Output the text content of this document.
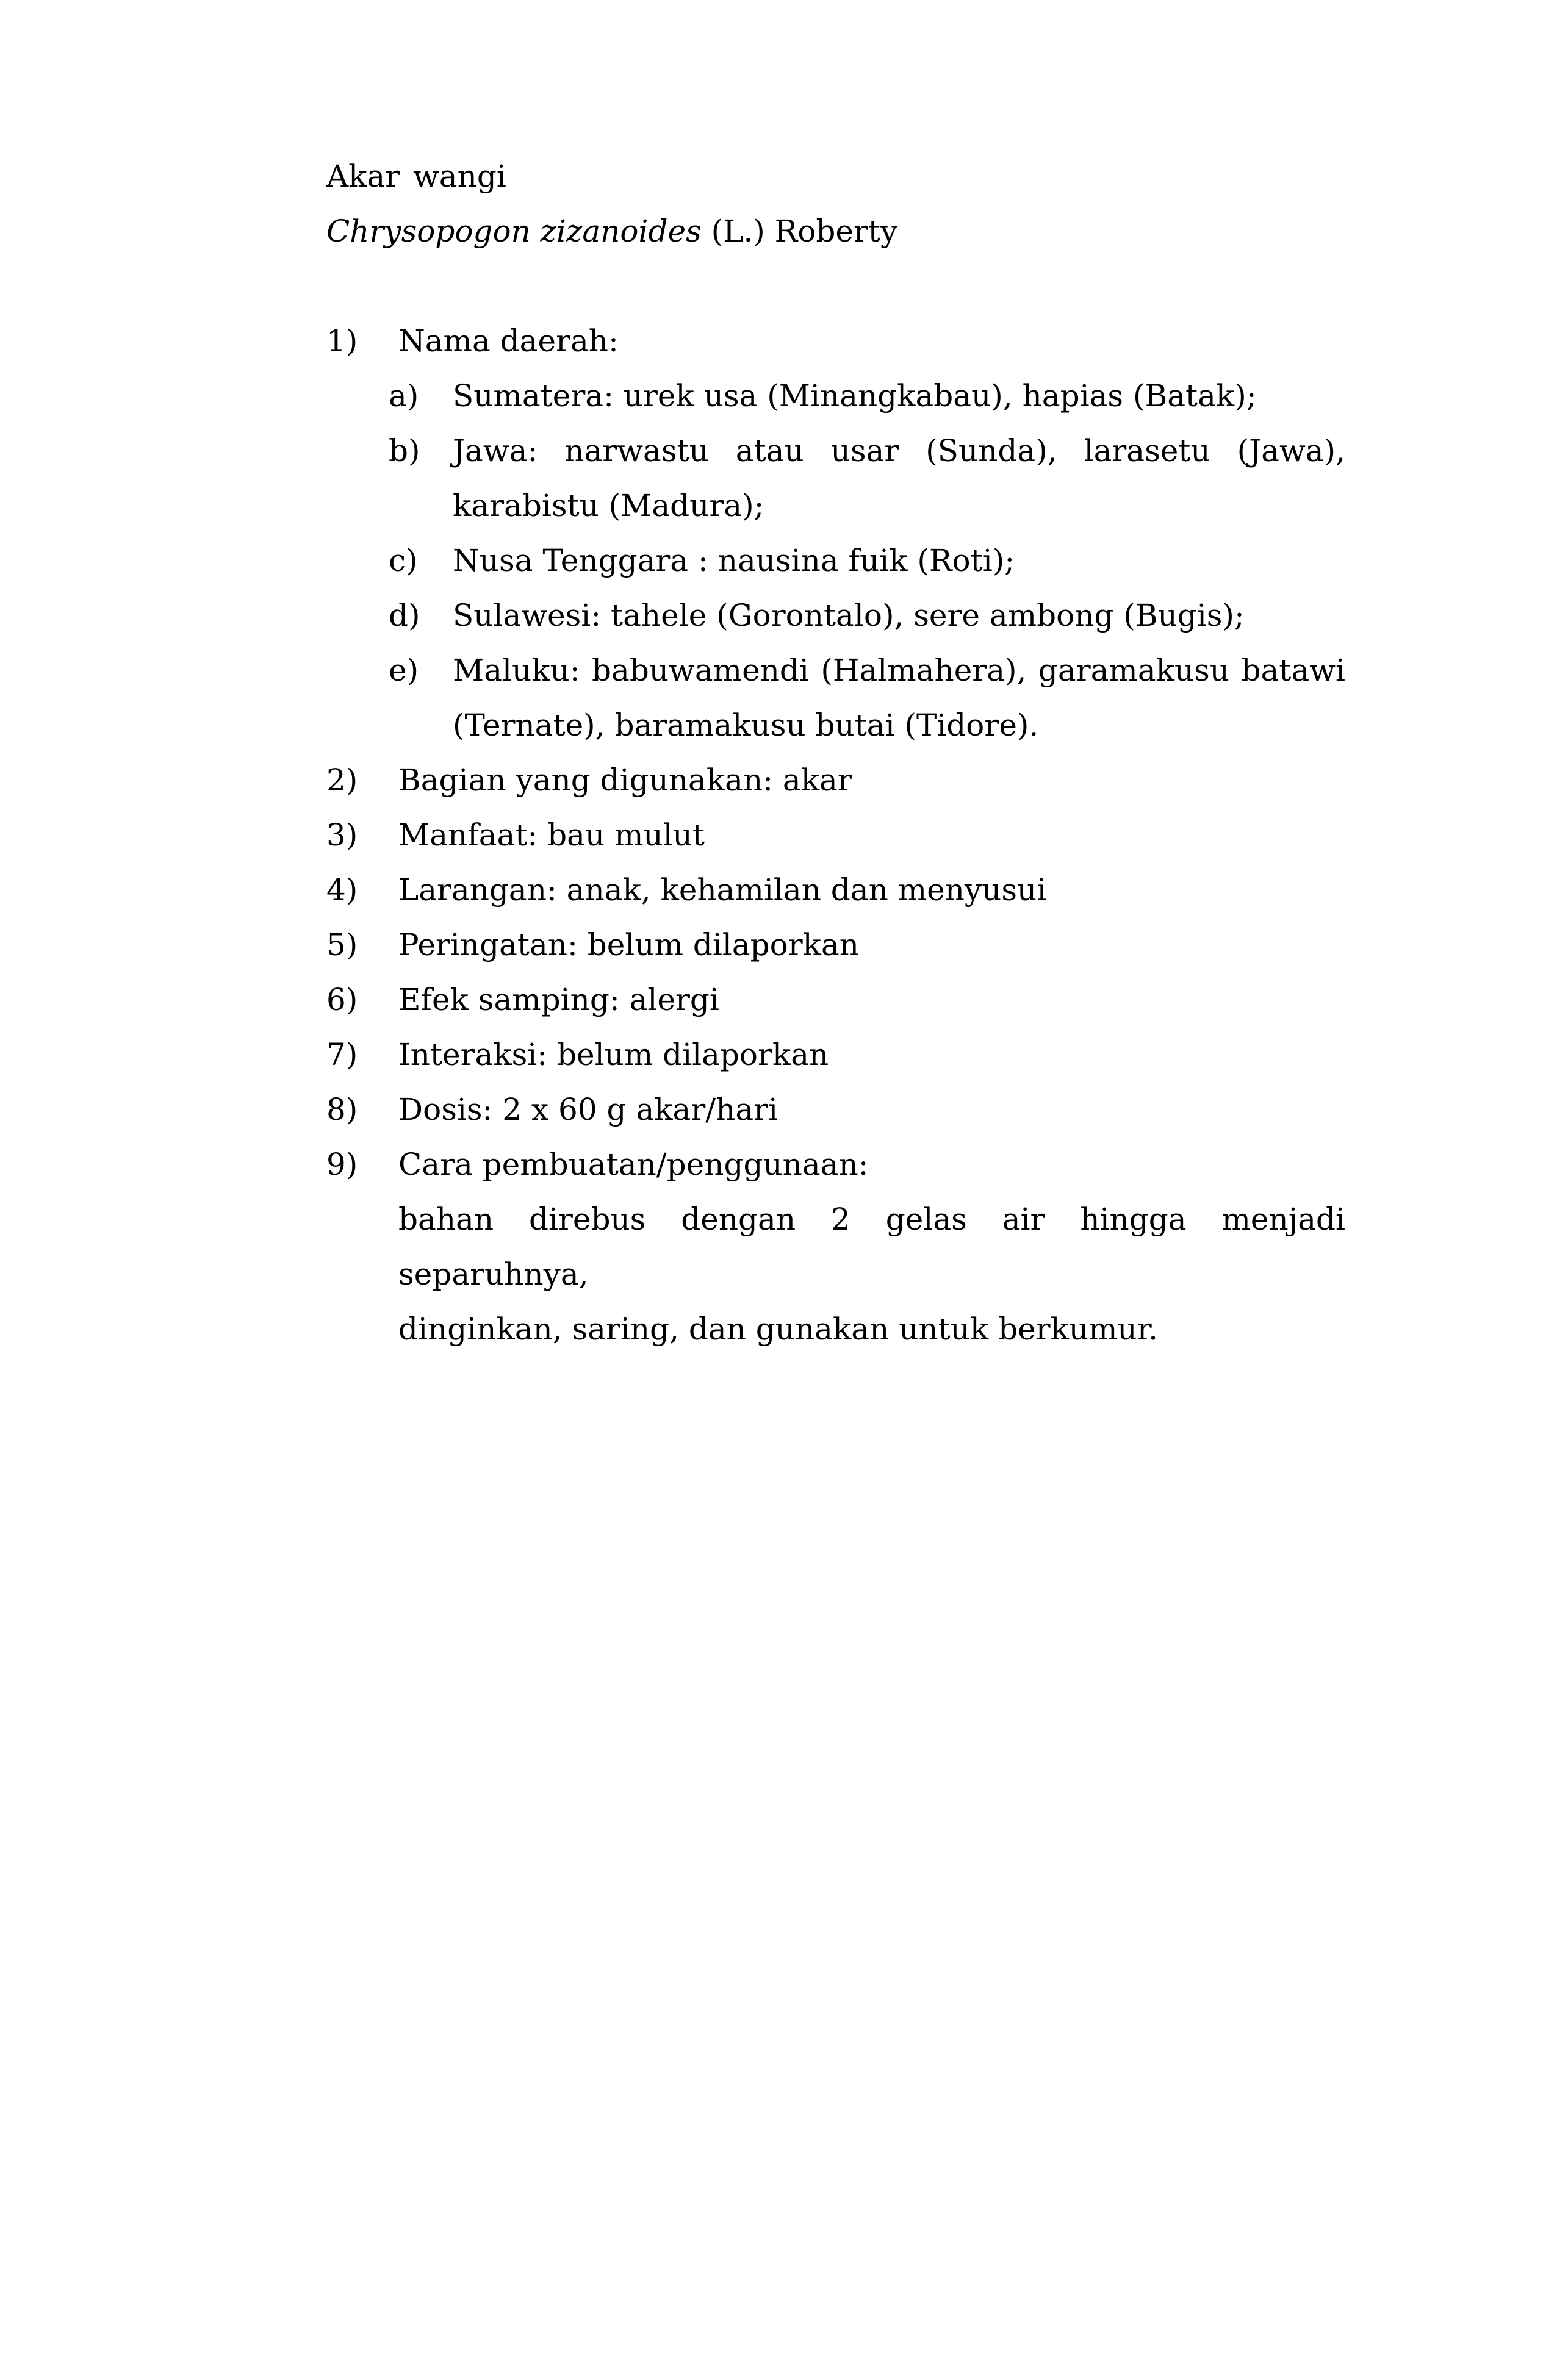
Akar wangi
Chrysopogon zizanoides (L.) Roberty
1)	Nama daerah:
a)	Sumatera: urek usa (Minangkabau), hapias (Batak);
b)	Jawa: narwastu atau usar (Sunda), larasetu (Jawa),
karabistu (Madura);
c)	Nusa Tenggara : nausina fuik (Roti);
d)	Sulawesi: tahele (Gorontalo), sere ambong (Bugis);
e)	Maluku: babuwamendi (Halmahera), garamakusu batawi
(Ternate), baramakusu butai (Tidore).
2)	Bagian yang digunakan: akar
3)	Manfaat: bau mulut
4)	Larangan: anak, kehamilan dan menyusui
5)	Peringatan: belum dilaporkan
6)	Efek samping: alergi
7)	Interaksi: belum dilaporkan
8)	Dosis: 2 x 60 g akar/hari
9)	Cara pembuatan/penggunaan:
bahan direbus dengan 2 gelas air hingga menjadi separuhnya,
dinginkan, saring, dan gunakan untuk berkumur.
